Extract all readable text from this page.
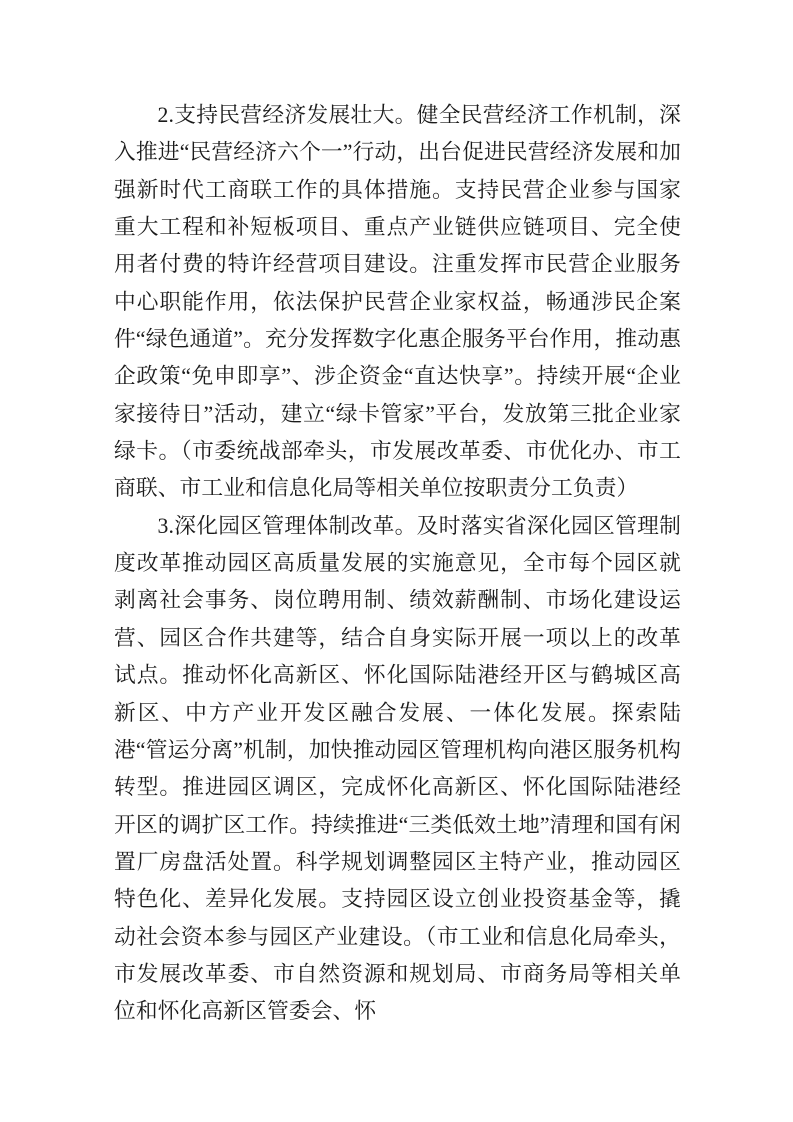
2.支持民营经济发展壮大。健全民营经济工作机制，深入推进“民营经济六个一”行动，出台促进民营经济发展和加强新时代工商联工作的具体措施。支持民营企业参与国家重大工程和补短板项目、重点产业链供应链项目、完全使用者付费的特许经营项目建设。注重发挥市民营企业服务中心职能作用，依法保护民营企业家权益，畅通涉民企案件“绿色通道”。充分发挥数字化惠企服务平台作用，推动惠企政策“免申即享”、涉企资金“直达快享”。持续开展“企业家接待日”活动，建立“绿卡管家”平台，发放第三批企业家绿卡。（市委统战部牵头，市发展改革委、市优化办、市工商联、市工业和信息化局等相关单位按职责分工负责）

3.深化园区管理体制改革。及时落实省深化园区管理制度改革推动园区高质量发展的实施意见，全市每个园区就剥离社会事务、岗位聘用制、绩效薪酬制、市场化建设运营、园区合作共建等，结合自身实际开展一项以上的改革试点。推动怀化高新区、怀化国际陆港经开区与鹤城区高新区、中方产业开发区融合发展、一体化发展。探索陆港“管运分离”机制，加快推动园区管理机构向港区服务机构转型。推进园区调区，完成怀化高新区、怀化国际陆港经开区的调扩区工作。持续推进“三类低效土地”清理和国有闲置厂房盘活处置。科学规划调整园区主特产业，推动园区特色化、差异化发展。支持园区设立创业投资基金等，撬动社会资本参与园区产业建设。（市工业和信息化局牵头，市发展改革委、市自然资源和规划局、市商务局等相关单位和怀化高新区管委会、怀
